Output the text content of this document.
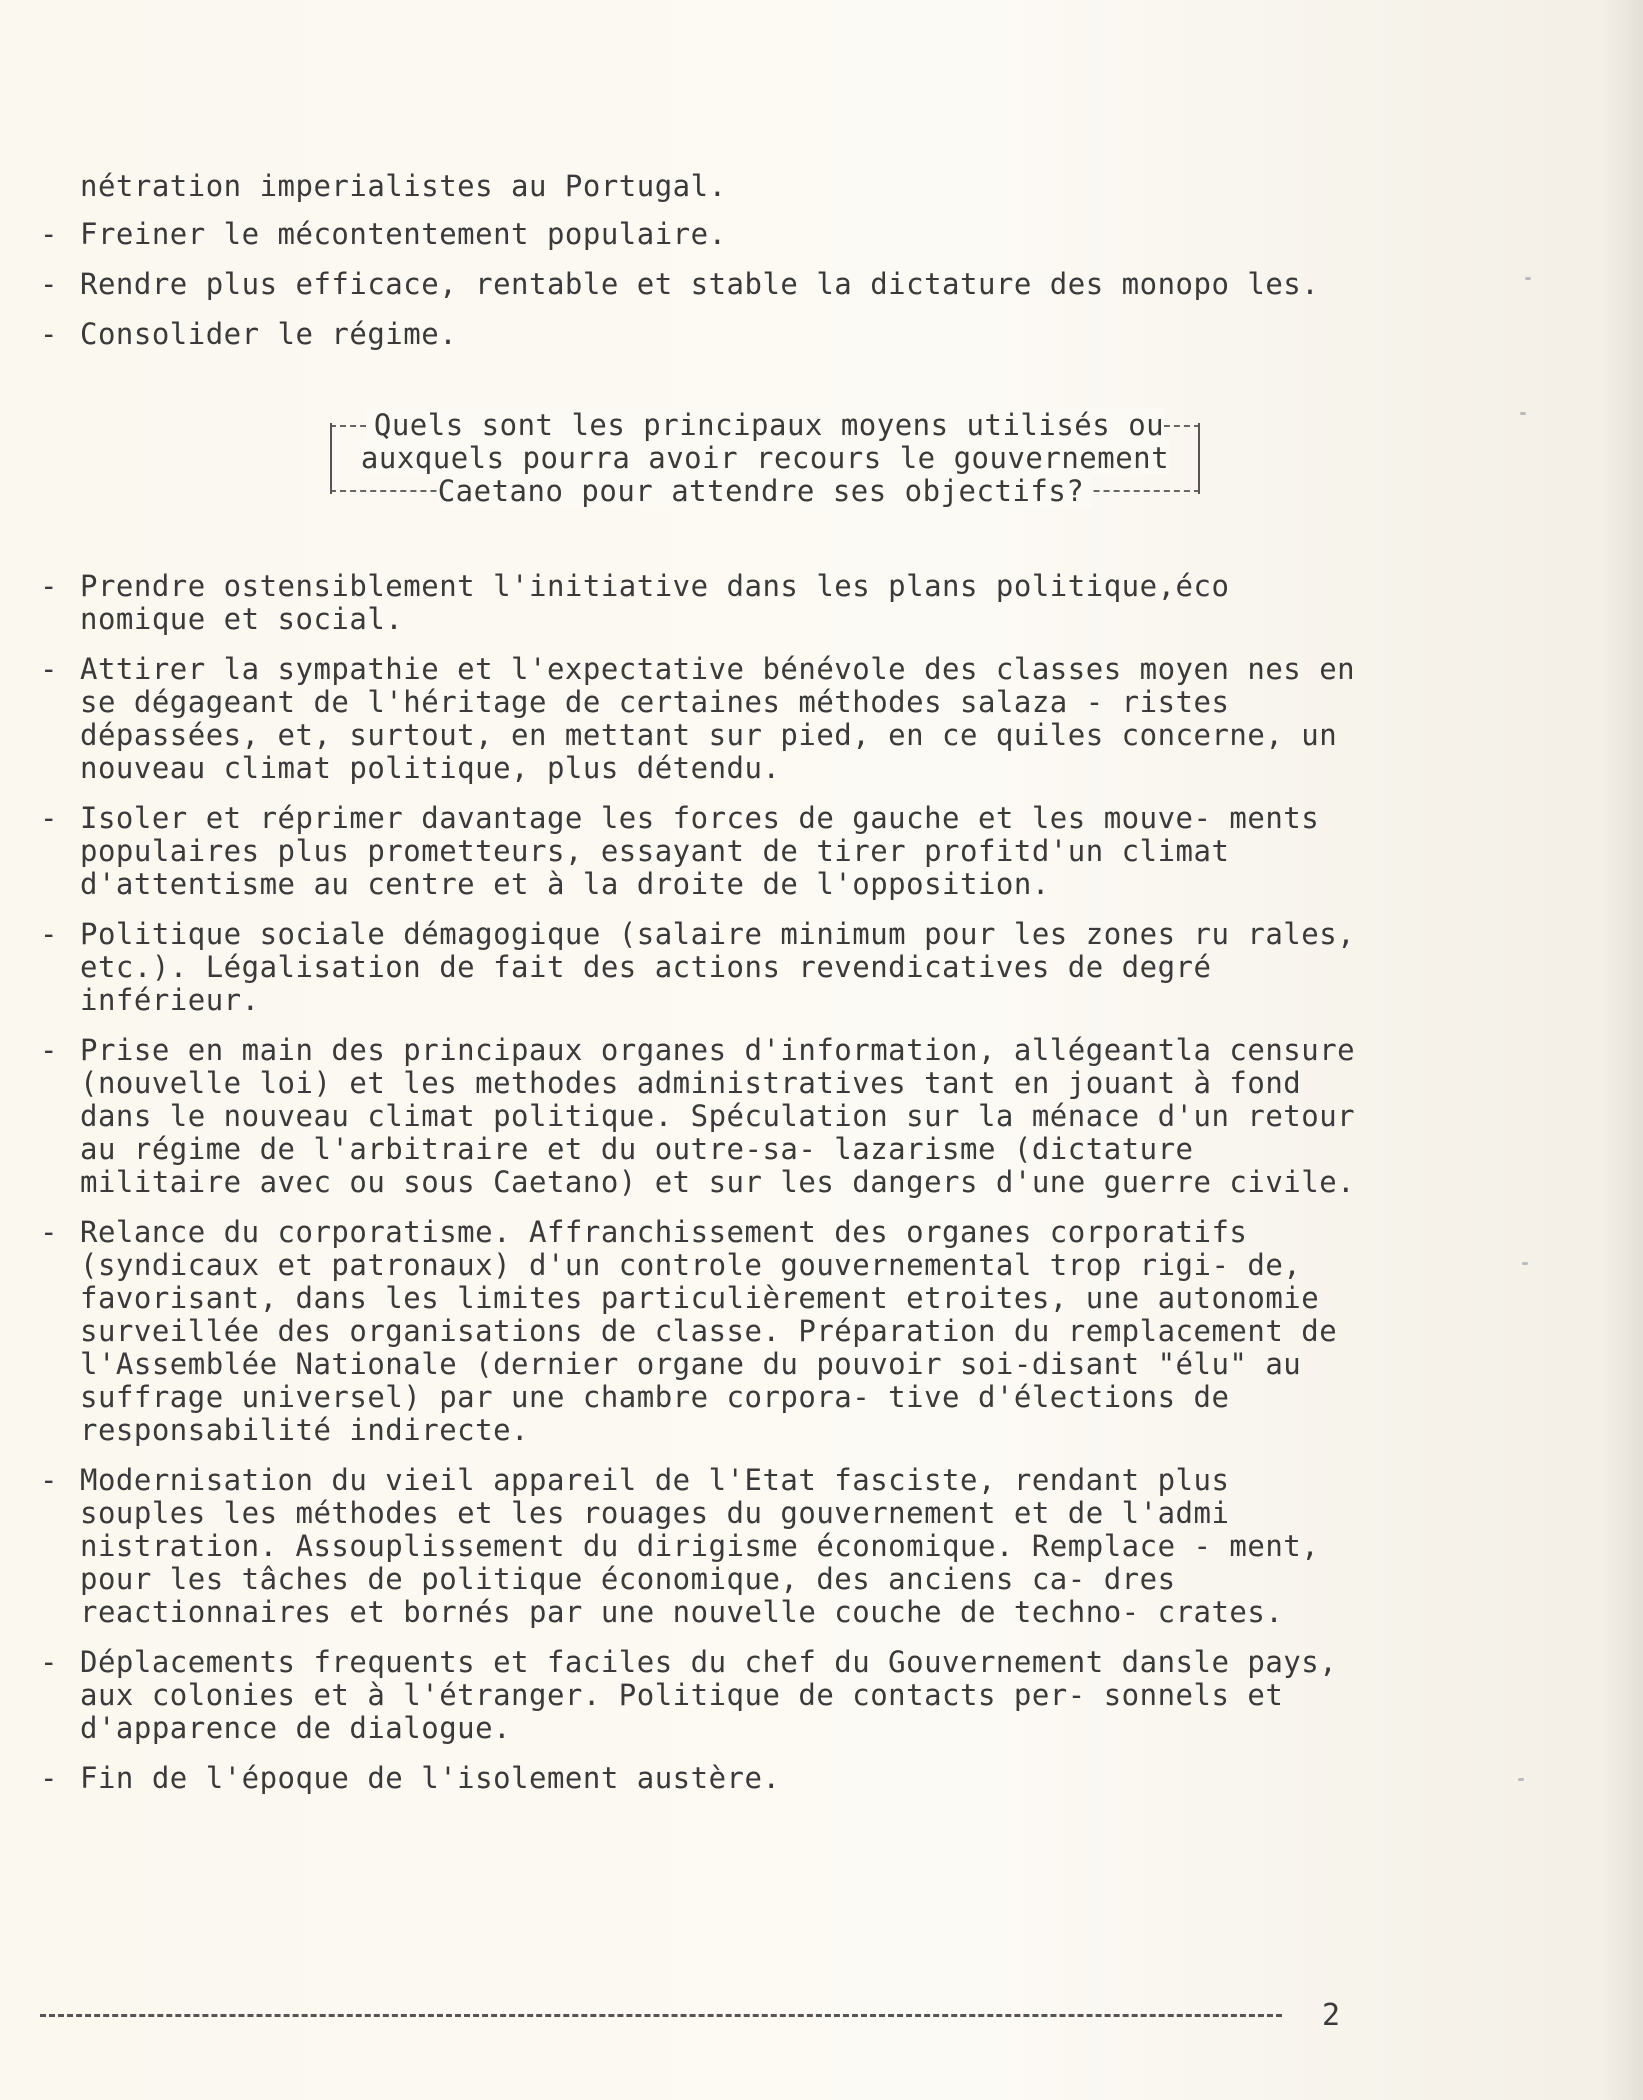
nétration imperialistes au Portugal.

- Freiner le mécontentement populaire.
- Rendre plus efficace, rentable et stable la dictature des monopo les.
- Consolider le régime.
Quels sont les principaux moyens utilisés ou auxquels pourra avoir recours le gouvernement Caetano pour attendre ses objectifs?
- Prendre ostensiblement l'initiative dans les plans politique,éco nomique et social.
- Attirer la sympathie et l'expectative bénévole des classes moyen nes en se dégageant de l'héritage de certaines méthodes salaza - ristes dépassées, et, surtout, en mettant sur pied, en ce quiles concerne, un nouveau climat politique, plus détendu.
- Isoler et réprimer davantage les forces de gauche et les mouve- ments populaires plus prometteurs, essayant de tirer profitd'un climat d'attentisme au centre et à la droite de l'opposition.
- Politique sociale démagogique (salaire minimum pour les zones ru rales, etc.). Légalisation de fait des actions revendicatives de degré inférieur.
- Prise en main des principaux organes d'information, allégeantla censure (nouvelle loi) et les methodes administratives tant en jouant à fond dans le nouveau climat politique. Spéculation sur la ménace d'un retour au régime de l'arbitraire et du outre-sa- lazarisme (dictature militaire avec ou sous Caetano) et sur les dangers d'une guerre civile.
- Relance du corporatisme. Affranchissement des organes corporatifs (syndicaux et patronaux) d'un controle gouvernemental trop rigi- de, favorisant, dans les limites particulièrement etroites, une autonomie surveillée des organisations de classe. Préparation du remplacement de l'Assemblée Nationale (dernier organe du pouvoir soi-disant "élu" au suffrage universel) par une chambre corpora- tive d'élections de responsabilité indirecte.
- Modernisation du vieil appareil de l'Etat fasciste, rendant plus souples les méthodes et les rouages du gouvernement et de l'admi nistration. Assouplissement du dirigisme économique. Remplace - ment, pour les tâches de politique économique, des anciens ca- dres reactionnaires et bornés par une nouvelle couche de techno- crates.
- Déplacements frequents et faciles du chef du Gouvernement dansle pays, aux colonies et à l'étranger. Politique de contacts per- sonnels et d'apparence de dialogue.
- Fin de l'époque de l'isolement austère.
2
